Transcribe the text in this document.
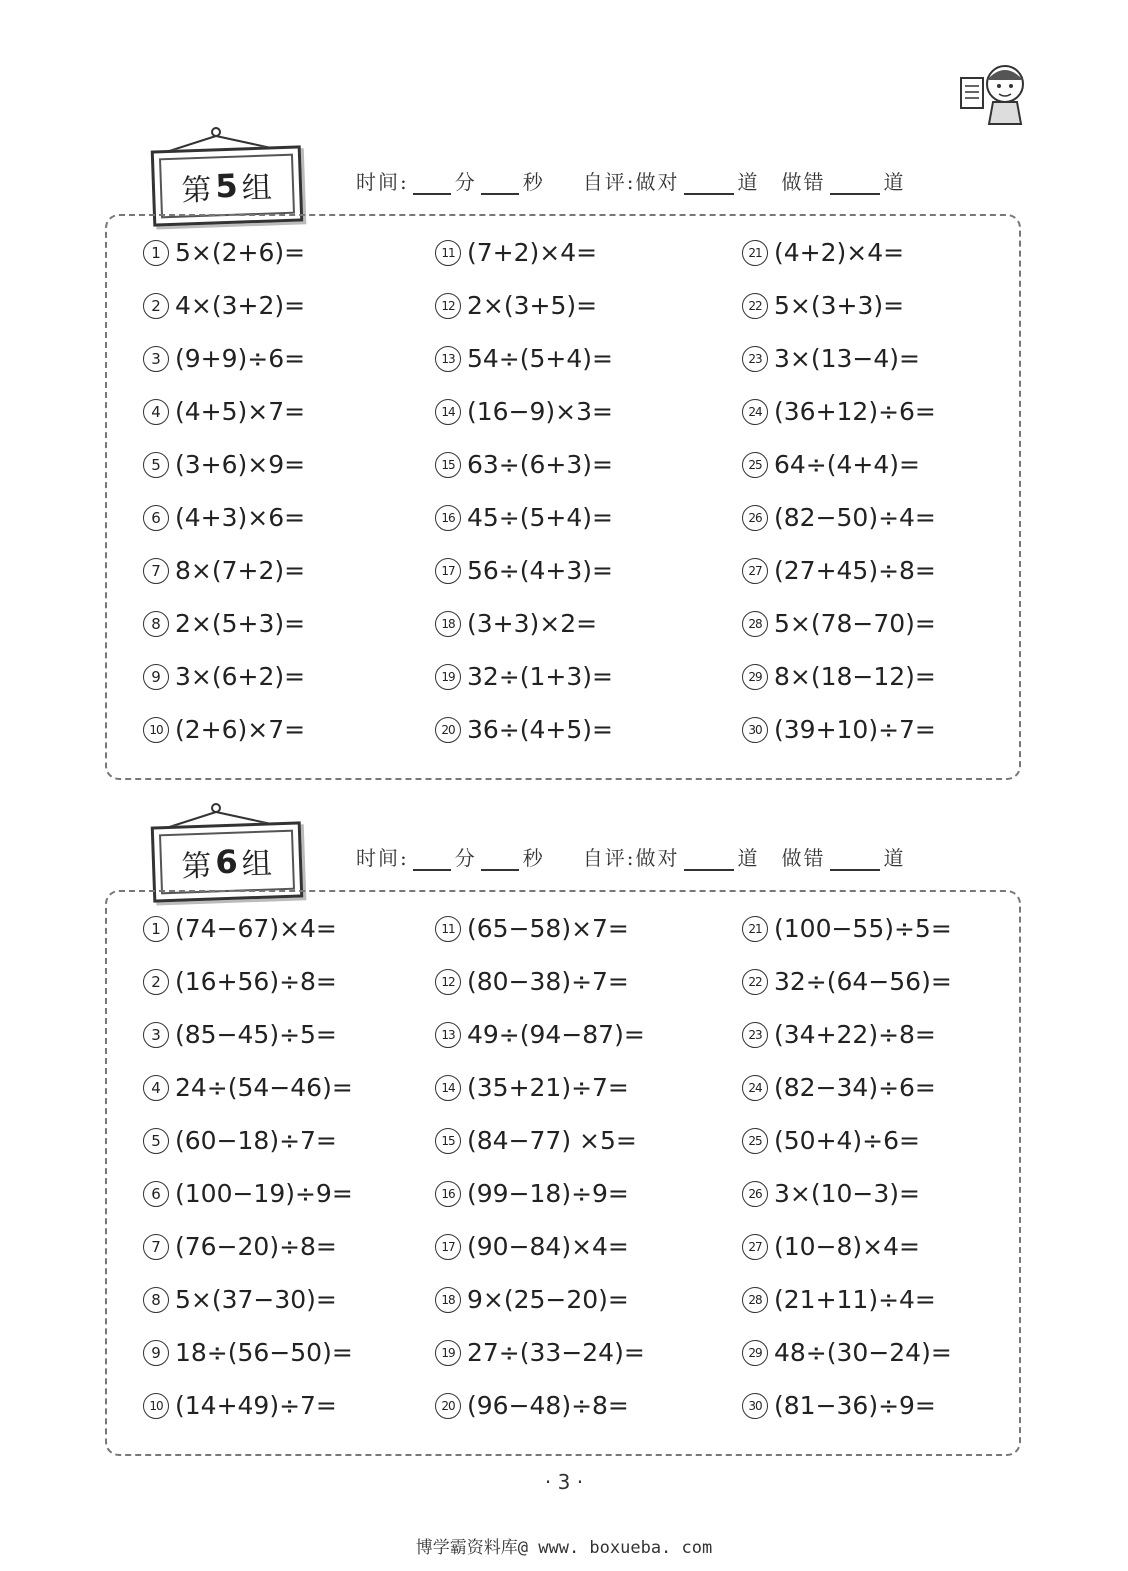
第 5 组	时间: 分 秒 自评:做对	道 做错	道
1 5×(2+6)=
2 4×(3+2)=
3 (9+9)÷6=
4 (4+5)×7=
5 (3+6)×9=
6 (4+3)×6=
7 8×(7+2)=
8 2×(5+3)=
9 3×(6+2)=
10 (2+6)×7=
11 (7+2)×4=
12 2×(3+5)=
13 54÷(5+4)=
14 (16−9)×3=
15 63÷(6+3)=
16 45÷(5+4)=
17 56÷(4+3)=
18 (3+3)×2=
19 32÷(1+3)=
20 36÷(4+5)=
21 (4+2)×4=
22 5×(3+3)=
23 3×(13−4)=
24 (36+12)÷6=
25 64÷(4+4)=
26 (82−50)÷4=
27 (27+45)÷8=
28 5×(78−70)=
29 8×(18−12)=
30 (39+10)÷7=
第 6 组	时间: 分 秒 自评:做对	道 做错	道
1 (74−67)×4=
2 (16+56)÷8=
3 (85−45)÷5=
4 24÷(54−46)=
5 (60−18)÷7=
6 (100−19)÷9=
7 (76−20)÷8=
8 5×(37−30)=
9 18÷(56−50)=
10 (14+49)÷7=
11 (65−58)×7=
12 (80−38)÷7=
13 49÷(94−87)=
14 (35+21)÷7=
15 (84−77) ×5=
16 (99−18)÷9=
17 (90−84)×4=
18 9×(25−20)=
19 27÷(33−24)=
20 (96−48)÷8=
21 (100−55)÷5=
22 32÷(64−56)=
23 (34+22)÷8=
24 (82−34)÷6=
25 (50+4)÷6=
26 3×(10−3)=
27 (10−8)×4=
28 (21+11)÷4=
29 48÷(30−24)=
30 (81−36)÷9=
· 3 ·
博学霸资料库@ www. boxueba. com
